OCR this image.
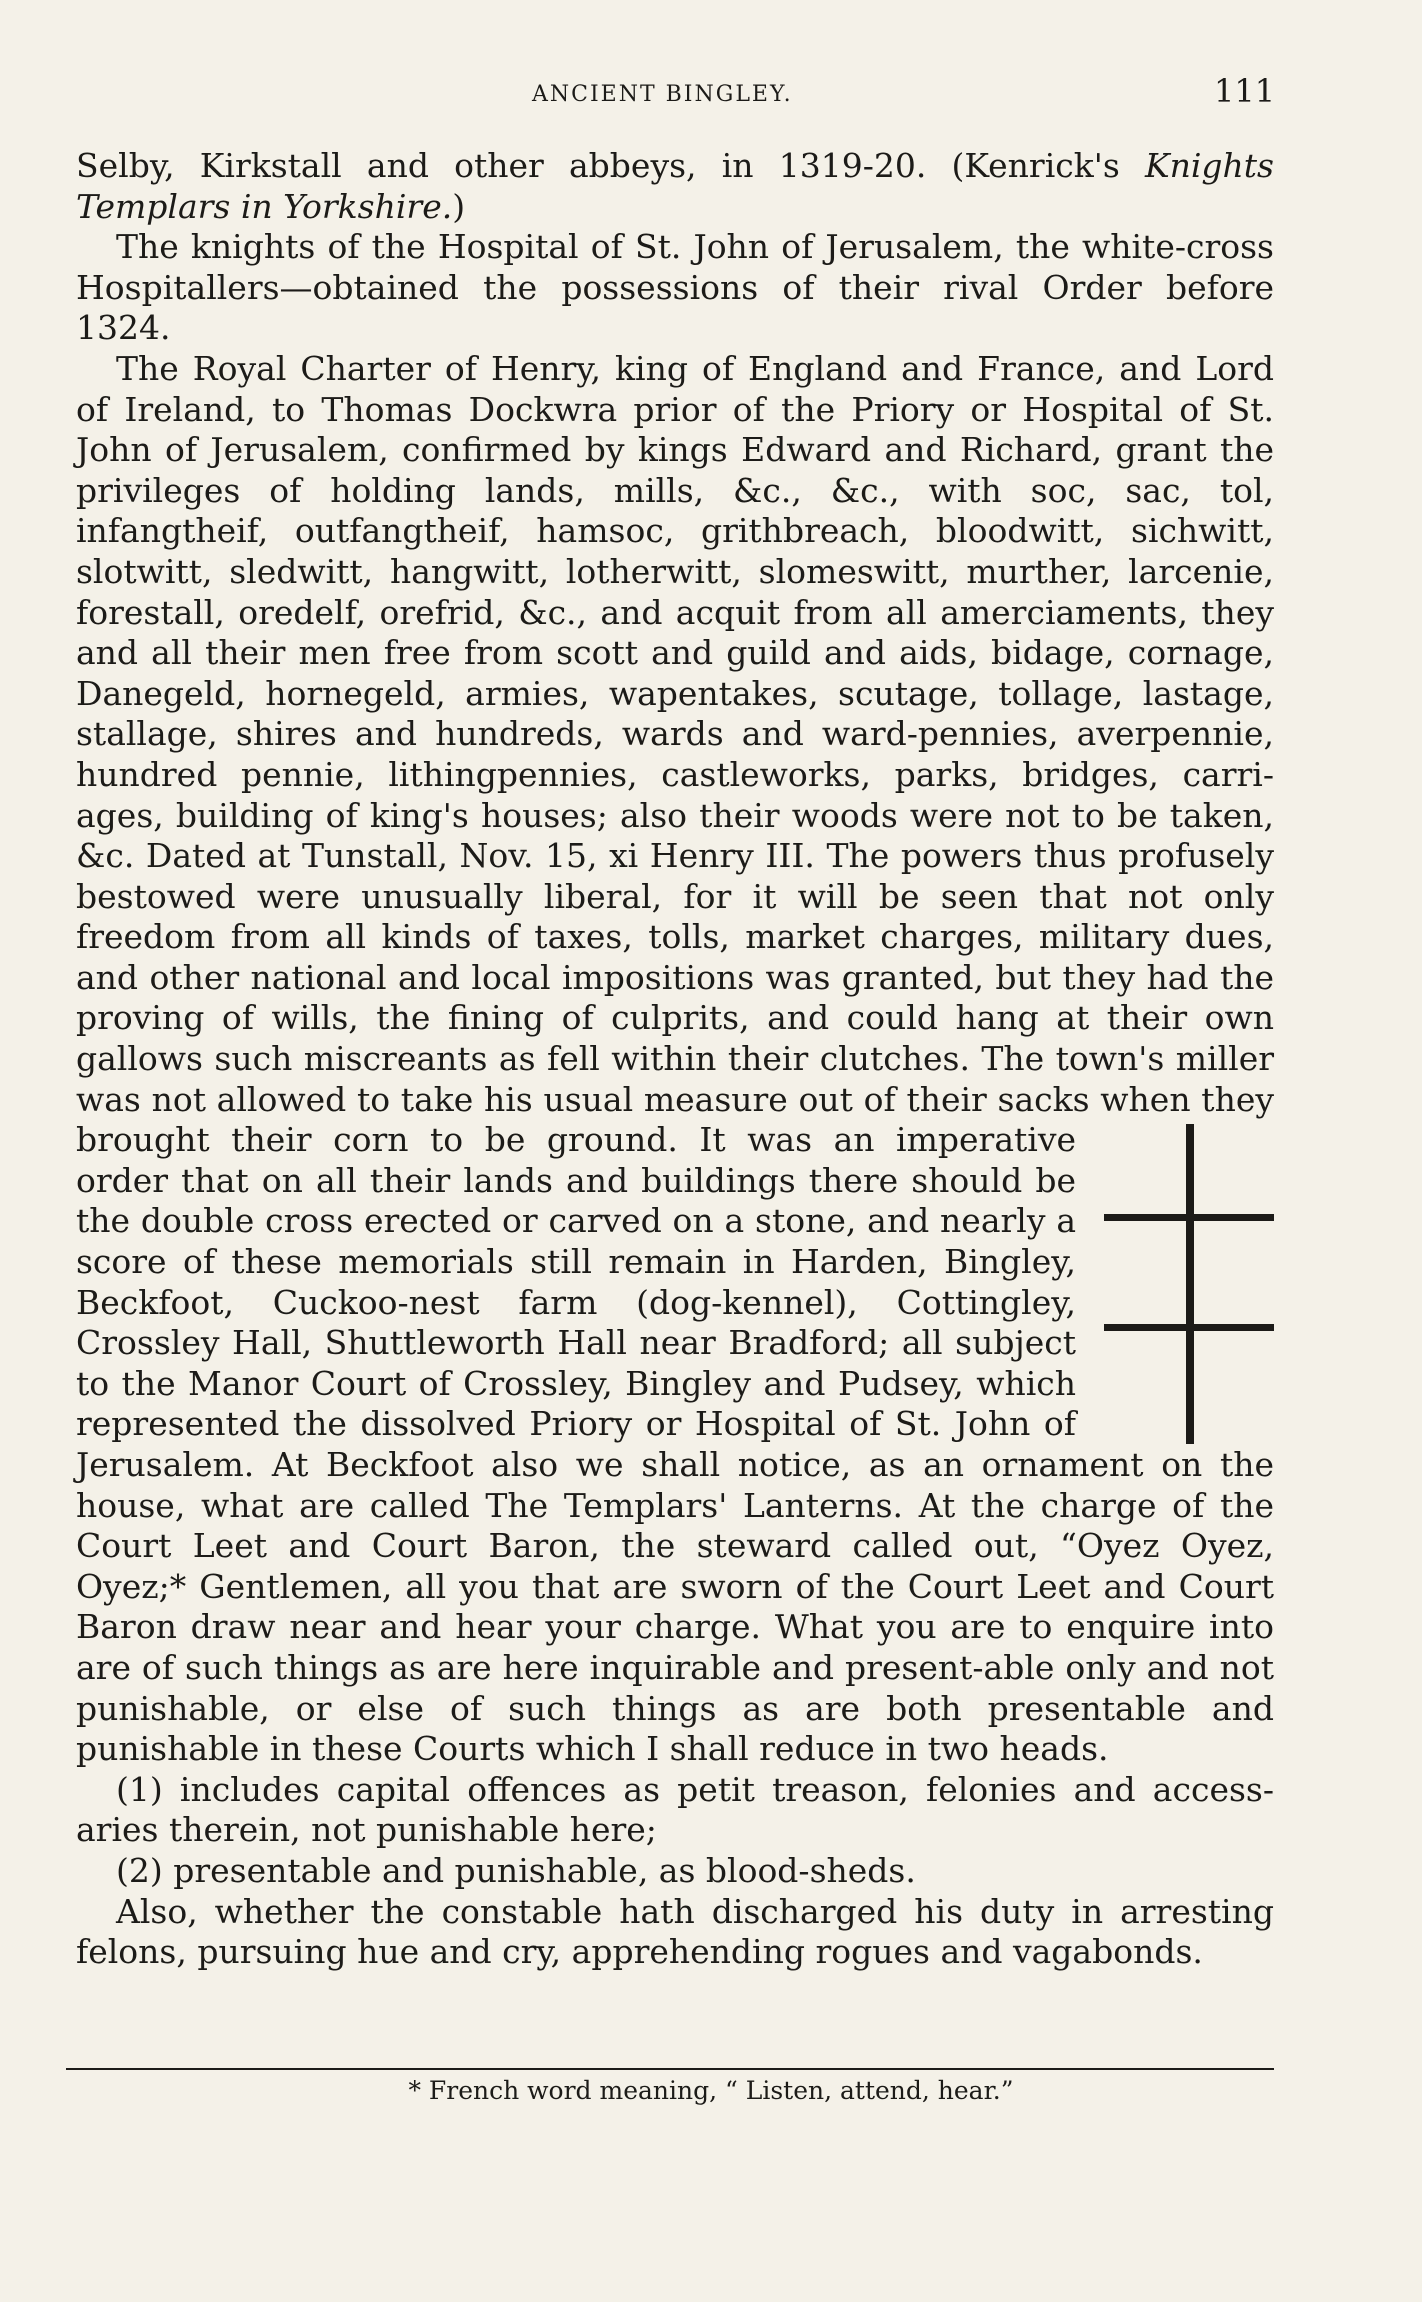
ANCIENT BINGLEY.	111

Selby, Kirkstall and other abbeys, in 1319-20. (Kenrick's Knights Templars in Yorkshire.)

The knights of the Hospital of St. John of Jerusalem, the white-cross Hospitallers—obtained the possessions of their rival Order before 1324.

The Royal Charter of Henry, king of England and France, and Lord of Ireland, to Thomas Dockwra prior of the Priory or Hospital of St. John of Jerusalem, confirmed by kings Edward and Richard, grant the privileges of holding lands, mills, &c., &c., with soc, sac, tol, infangtheif, outfangtheif, hamsoc, grithbreach, bloodwitt, sichwitt, slotwitt, sledwitt, hangwitt, lotherwitt, slomeswitt, murther, larcenie, forestall, oredelf, orefrid, &c., and acquit from all amerciaments, they and all their men free from scott and guild and aids, bidage, cornage, Danegeld, hornegeld, armies, wapentakes, scutage, tollage, lastage, stallage, shires and hundreds, wards and ward-pennies, averpennie, hundred pennie, lithingpennies, castleworks, parks, bridges, carri-ages, building of king's houses; also their woods were not to be taken, &c. Dated at Tunstall, Nov. 15, xi Henry III. The powers thus profusely bestowed were unusually liberal, for it will be seen that not only freedom from all kinds of taxes, tolls, market charges, military dues, and other national and local impositions was granted, but they had the proving of wills, the fining of culprits, and could hang at their own gallows such miscreants as fell within their clutches. The town's miller was not allowed to take his usual measure out of their sacks when they brought their corn to be ground. It was an imperative order that on all their lands and buildings there should be the double cross erected or carved on a stone, and nearly a score of these memorials still remain in Harden, Bingley, Beckfoot, Cuckoo-nest farm (dog-kennel), Cottingley, Crossley Hall, Shuttleworth Hall near Bradford; all subject to the Manor Court of Crossley, Bingley and Pudsey, which represented the dissolved Priory or Hospital of St. John of Jerusalem. At Beckfoot also we shall notice, as an ornament on the house, what are called The Templars' Lanterns. At the charge of the Court Leet and Court Baron, the steward called out, “Oyez Oyez, Oyez;* Gentlemen, all you that are sworn of the Court Leet and Court Baron draw near and hear your charge. What you are to enquire into are of such things as are here inquirable and present-able only and not punishable, or else of such things as are both presentable and punishable in these Courts which I shall reduce in two heads.

(1) includes capital offences as petit treason, felonies and access-aries therein, not punishable here;

(2) presentable and punishable, as blood-sheds.

Also, whether the constable hath discharged his duty in arresting felons, pursuing hue and cry, apprehending rogues and vagabonds.

* French word meaning, “ Listen, attend, hear.”
